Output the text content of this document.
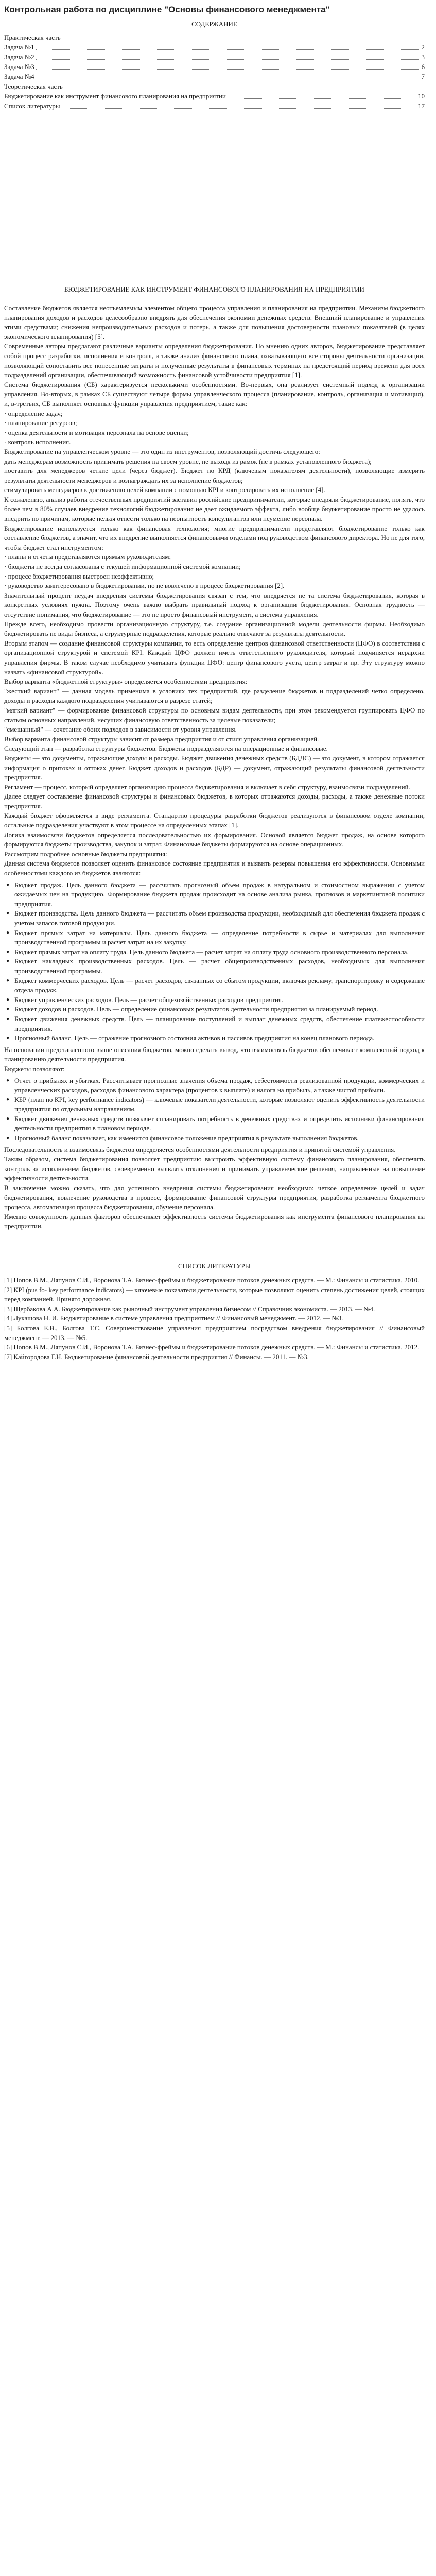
Контрольная работа по дисциплине "Основы финансового менеджмента"
СОДЕРЖАНИЕ
Практическая часть
Задача №1	2
Задача №2	3
Задача №3	6
Задача №4	7
Теоретическая часть
Бюджетирование как инструмент финансового планирования на предприятии	10
Список литературы	17
БЮДЖЕТИРОВАНИЕ КАК ИНСТРУМЕНТ ФИНАНСОВОГО ПЛАНИРОВАНИЯ НА ПРЕДПРИЯТИИ

Составление бюджетов является неотъемлемым элементом общего процесса управления и планирования на предприятии. Механизм бюджетного планирования доходов и расходов целесообразно внедрять для обеспечения экономии денежных средств. Внешний планирование и управления этими средствами; снижения непроизводительных расходов и потерь, а также для повышения достоверности плановых показателей (в целях экономического планирования) [5].

Современные авторы предлагают различные варианты определения бюджетирования. По мнению одних авторов, бюджетирование представляет собой процесс разработки, исполнения и контроля, а также анализ финансового плана, охватывающего все стороны деятельности организации, позволяющий сопоставить все понесенные затраты и полученные результаты в финансовых терминах на предстоящий период времени для всех подразделений организации, обеспечивающий возможность финансовой устойчивости предприятия [1].

Система бюджетирования (СБ) характеризуется несколькими особенностями. Во-первых, она реализует системный подход к организации управления. Во-вторых, в рамках СБ существуют четыре формы управленческого процесса (планирование, контроль, организация и мотивация), и, в-третьих, СБ выполняет основные функции управления предприятием, такие как:

· определение задач;

· планирование ресурсов;

· оценка деятельности и мотивация персонала на основе оценки;

· контроль исполнения.

Бюджетирование на управленческом уровне — это один из инструментов, позволяющий достичь следующего:

дать менеджерам возможность принимать решения на своем уровне, не выходя из рамок (не в рамках установленного бюджета);

поставить для менеджеров четкие цели (через бюджет). Бюджет по КРД (ключевым показателям деятельности), позволяющие измерить результаты деятельности менеджеров и вознаграждать их за исполнение бюджетов;

стимулировать менеджеров к достижению целей компании с помощью КРІ и контролировать их исполнение [4].

К сожалению, анализ работы отечественных предприятий заставил российские предприниматели, которые внедряли бюджетирование, понять, что более чем в 80% случаев внедрение технологий бюджетирования не дает ожидаемого эффекта, либо вообще бюджетирование просто не удалось внедрить по причинам, которые нельзя отнести только на неопытность консультантов или неумение персонала.

Бюджетирование используется только как финансовая технология; многие предприниматели представляют бюджетирование только как составление бюджетов, а значит, что их внедрение выполняется финансовыми отделами под руководством финансового директора. Но не для того, чтобы бюджет стал инструментом:

· планы и отчеты представляются прямым руководителям;

· бюджеты не всегда согласованы с текущей информационной системой компании;

· процесс бюджетирования выстроен неэффективно;

· руководство заинтересовано в бюджетировании, но не вовлечено в процесс бюджетирования [2].

Значительный процент неудач внедрения системы бюджетирования связан с тем, что внедряется не та система бюджетирования, которая в конкретных условиях нужна. Поэтому очень важно выбрать правильный подход к организации бюджетирования. Основная трудность — отсутствие понимания, что бюджетирование — это не просто финансовый инструмент, а система управления.

Прежде всего, необходимо провести организационную структуру, т.е. создание организационной модели деятельности фирмы. Необходимо бюджетировать не виды бизнеса, а структурные подразделения, которые реально отвечают за результаты деятельности.

Вторым этапом — создание финансовой структуры компании, то есть определение центров финансовой ответственности (ЦФО) в соответствии с организационной структурой и системой КРІ. Каждый ЦФО должен иметь ответственного руководителя, который подчиняется иерархии управления фирмы. В таком случае необходимо учитывать функции ЦФО: центр финансового учета, центр затрат и пр. Эту структуру можно назвать «финансовой структурой».

Выбор варианта «бюджетной структуры» определяется особенностями предприятия:

"жесткий вариант" — данная модель применима в условиях тех предприятий, где разделение бюджетов и подразделений четко определено, доходы и расходы каждого подразделения учитываются в разрезе статей;

"мягкий вариант" — формирование финансовой структуры по основным видам деятельности, при этом рекомендуется группировать ЦФО по статьям основных направлений, несущих финансовую ответственность за целевые показатели;

"смешанный" — сочетание обоих подходов в зависимости от уровня управления.

Выбор варианта финансовой структуры зависит от размера предприятия и от стиля управления организацией.

Следующий этап — разработка структуры бюджетов. Бюджеты подразделяются на операционные и финансовые.

Бюджеты — это документы, отражающие доходы и расходы. Бюджет движения денежных средств (БДДС) — это документ, в котором отражается информация о притоках и оттоках денег. Бюджет доходов и расходов (БДР) — документ, отражающий результаты финансовой деятельности предприятия.

Регламент — процесс, который определяет организацию процесса бюджетирования и включает в себя структуру, взаимосвязи подразделений.

Далее следует составление финансовой структуры и финансовых бюджетов, в которых отражаются доходы, расходы, а также денежные потоки предприятия.

Каждый бюджет оформляется в виде регламента. Стандартно процедуры разработки бюджетов реализуются в финансовом отделе компании, остальные подразделения участвуют в этом процессе на определенных этапах [1].

Логика взаимосвязи бюджетов определяется последовательностью их формирования. Основой является бюджет продаж, на основе которого формируются бюджеты производства, закупок и затрат. Финансовые бюджеты формируются на основе операционных.

Рассмотрим подробнее основные бюджеты предприятия:

Данная система бюджетов позволяет оценить финансовое состояние предприятия и выявить резервы повышения его эффективности. Основными особенностями каждого из бюджетов являются:

● Бюджет продаж. Цель данного бюджета — рассчитать прогнозный объем продаж в натуральном и стоимостном выражении с учетом ожидаемых цен на продукцию. Формирование бюджета продаж происходит на основе анализа рынка, прогнозов и маркетинговой политики предприятия.
● Бюджет производства. Цель данного бюджета — рассчитать объем производства продукции, необходимый для обеспечения бюджета продаж с учетом запасов готовой продукции.
● Бюджет прямых затрат на материалы. Цель данного бюджета — определение потребности в сырье и материалах для выполнения производственной программы и расчет затрат на их закупку.
● Бюджет прямых затрат на оплату труда. Цель данного бюджета — расчет затрат на оплату труда основного производственного персонала.
● Бюджет накладных производственных расходов. Цель — расчет общепроизводственных расходов, необходимых для выполнения производственной программы.
● Бюджет коммерческих расходов. Цель — расчет расходов, связанных со сбытом продукции, включая рекламу, транспортировку и содержание отдела продаж.
● Бюджет управленческих расходов. Цель — расчет общехозяйственных расходов предприятия.
● Бюджет доходов и расходов. Цель — определение финансовых результатов деятельности предприятия за планируемый период.
● Бюджет движения денежных средств. Цель — планирование поступлений и выплат денежных средств, обеспечение платежеспособности предприятия.
● Прогнозный баланс. Цель — отражение прогнозного состояния активов и пассивов предприятия на конец планового периода.

На основании представленного выше описания бюджетов, можно сделать вывод, что взаимосвязь бюджетов обеспечивает комплексный подход к планированию деятельности предприятия.

Бюджеты позволяют:

● Отчет о прибылях и убытках. Рассчитывает прогнозные значения объема продаж, себестоимости реализованной продукции, коммерческих и управленческих расходов, расходов финансового характера (процентов к выплате) и налога на прибыль, а также чистой прибыли.
● КБР (план по КРІ, key performance indicators) — ключевые показатели деятельности, которые позволяют оценить эффективность деятельности предприятия по отдельным направлениям.
● Бюджет движения денежных средств позволяет спланировать потребность в денежных средствах и определить источники финансирования деятельности предприятия в плановом периоде.
● Прогнозный баланс показывает, как изменится финансовое положение предприятия в результате выполнения бюджетов.

Последовательность и взаимосвязь бюджетов определяется особенностями деятельности предприятия и принятой системой управления.

Таким образом, система бюджетирования позволяет предприятию выстроить эффективную систему финансового планирования, обеспечить контроль за исполнением бюджетов, своевременно выявлять отклонения и принимать управленческие решения, направленные на повышение эффективности деятельности.

В заключение можно сказать, что для успешного внедрения системы бюджетирования необходимо: четкое определение целей и задач бюджетирования, вовлечение руководства в процесс, формирование финансовой структуры предприятия, разработка регламента бюджетного процесса, автоматизация процесса бюджетирования, обучение персонала.

Именно совокупность данных факторов обеспечивает эффективность системы бюджетирования как инструмента финансового планирования на предприятии.

СПИСОК ЛИТЕРАТУРЫ

[1] Попов В.М., Ляпунов С.И., Воронова Т.А. Бизнес-фреймы и бюджетирование потоков денежных средств. — М.: Финансы и статистика, 2010.

[2] КРІ (рus fo- key performance indicators) — ключевые показатели деятельности, которые позволяют оценить степень достижения целей, стоящих перед компанией. Принято дорожная.

[3] Щербакова А.А. Бюджетирование как рыночный инструмент управления бизнесом // Справочник экономиста. — 2013. — №4.

[4] Лукашова Н. И. Бюджетирование в системе управления предприятием // Финансовый менеджмент. — 2012. — №3.

[5] Болгова Е.В., Болгова Т.С. Совершенствование управления предприятием посредством внедрения бюджетирования // Финансовый менеджмент. — 2013. — №5.

[6] Попов В.М., Ляпунов С.И., Воронова Т.А. Бизнес-фреймы и бюджетирование потоков денежных средств. — М.: Финансы и статистика, 2012.

[7] Кайгородова Г.Н. Бюджетирование финансовой деятельности предприятия // Финансы. — 2011. — №3.
